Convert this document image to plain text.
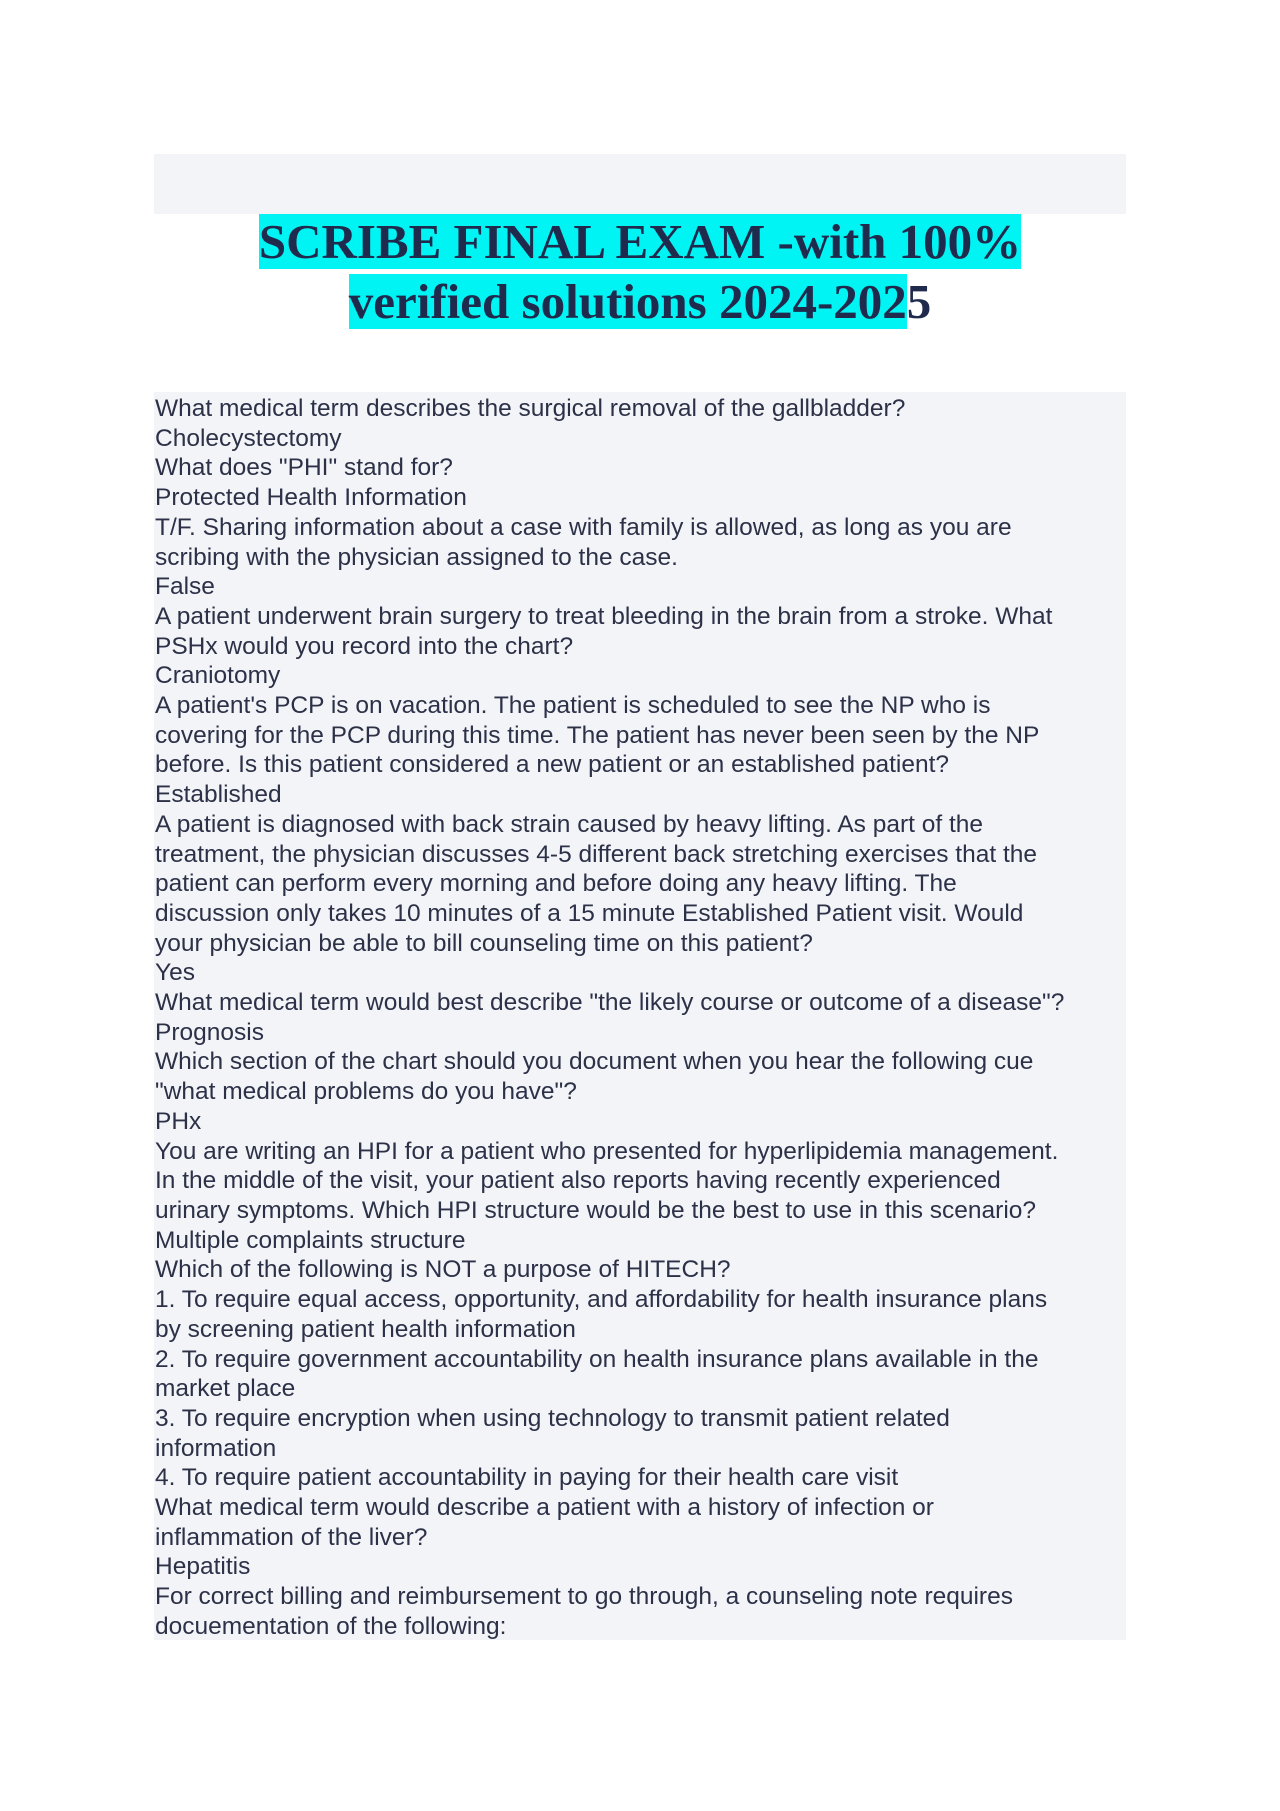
SCRIBE FINAL EXAM -with 100%
verified solutions 2024-2025

What medical term describes the surgical removal of the gallbladder?

Cholecystectomy

What does "PHI" stand for?

Protected Health Information

T/F. Sharing information about a case with family is allowed, as long as you are

scribing with the physician assigned to the case.

False

A patient underwent brain surgery to treat bleeding in the brain from a stroke. What

PSHx would you record into the chart?

Craniotomy

A patient's PCP is on vacation. The patient is scheduled to see the NP who is

covering for the PCP during this time. The patient has never been seen by the NP

before. Is this patient considered a new patient or an established patient?

Established

A patient is diagnosed with back strain caused by heavy lifting. As part of the

treatment, the physician discusses 4-5 different back stretching exercises that the

patient can perform every morning and before doing any heavy lifting. The

discussion only takes 10 minutes of a 15 minute Established Patient visit. Would

your physician be able to bill counseling time on this patient?

Yes

What medical term would best describe "the likely course or outcome of a disease"?

Prognosis

Which section of the chart should you document when you hear the following cue

"what medical problems do you have"?

PHx

You are writing an HPI for a patient who presented for hyperlipidemia management.

In the middle of the visit, your patient also reports having recently experienced

urinary symptoms. Which HPI structure would be the best to use in this scenario?

Multiple complaints structure

Which of the following is NOT a purpose of HITECH?

1. To require equal access, opportunity, and affordability for health insurance plans

by screening patient health information

2. To require government accountability on health insurance plans available in the

market place

3. To require encryption when using technology to transmit patient related

information

4. To require patient accountability in paying for their health care visit

What medical term would describe a patient with a history of infection or

inflammation of the liver?

Hepatitis

For correct billing and reimbursement to go through, a counseling note requires

docuementation of the following:
